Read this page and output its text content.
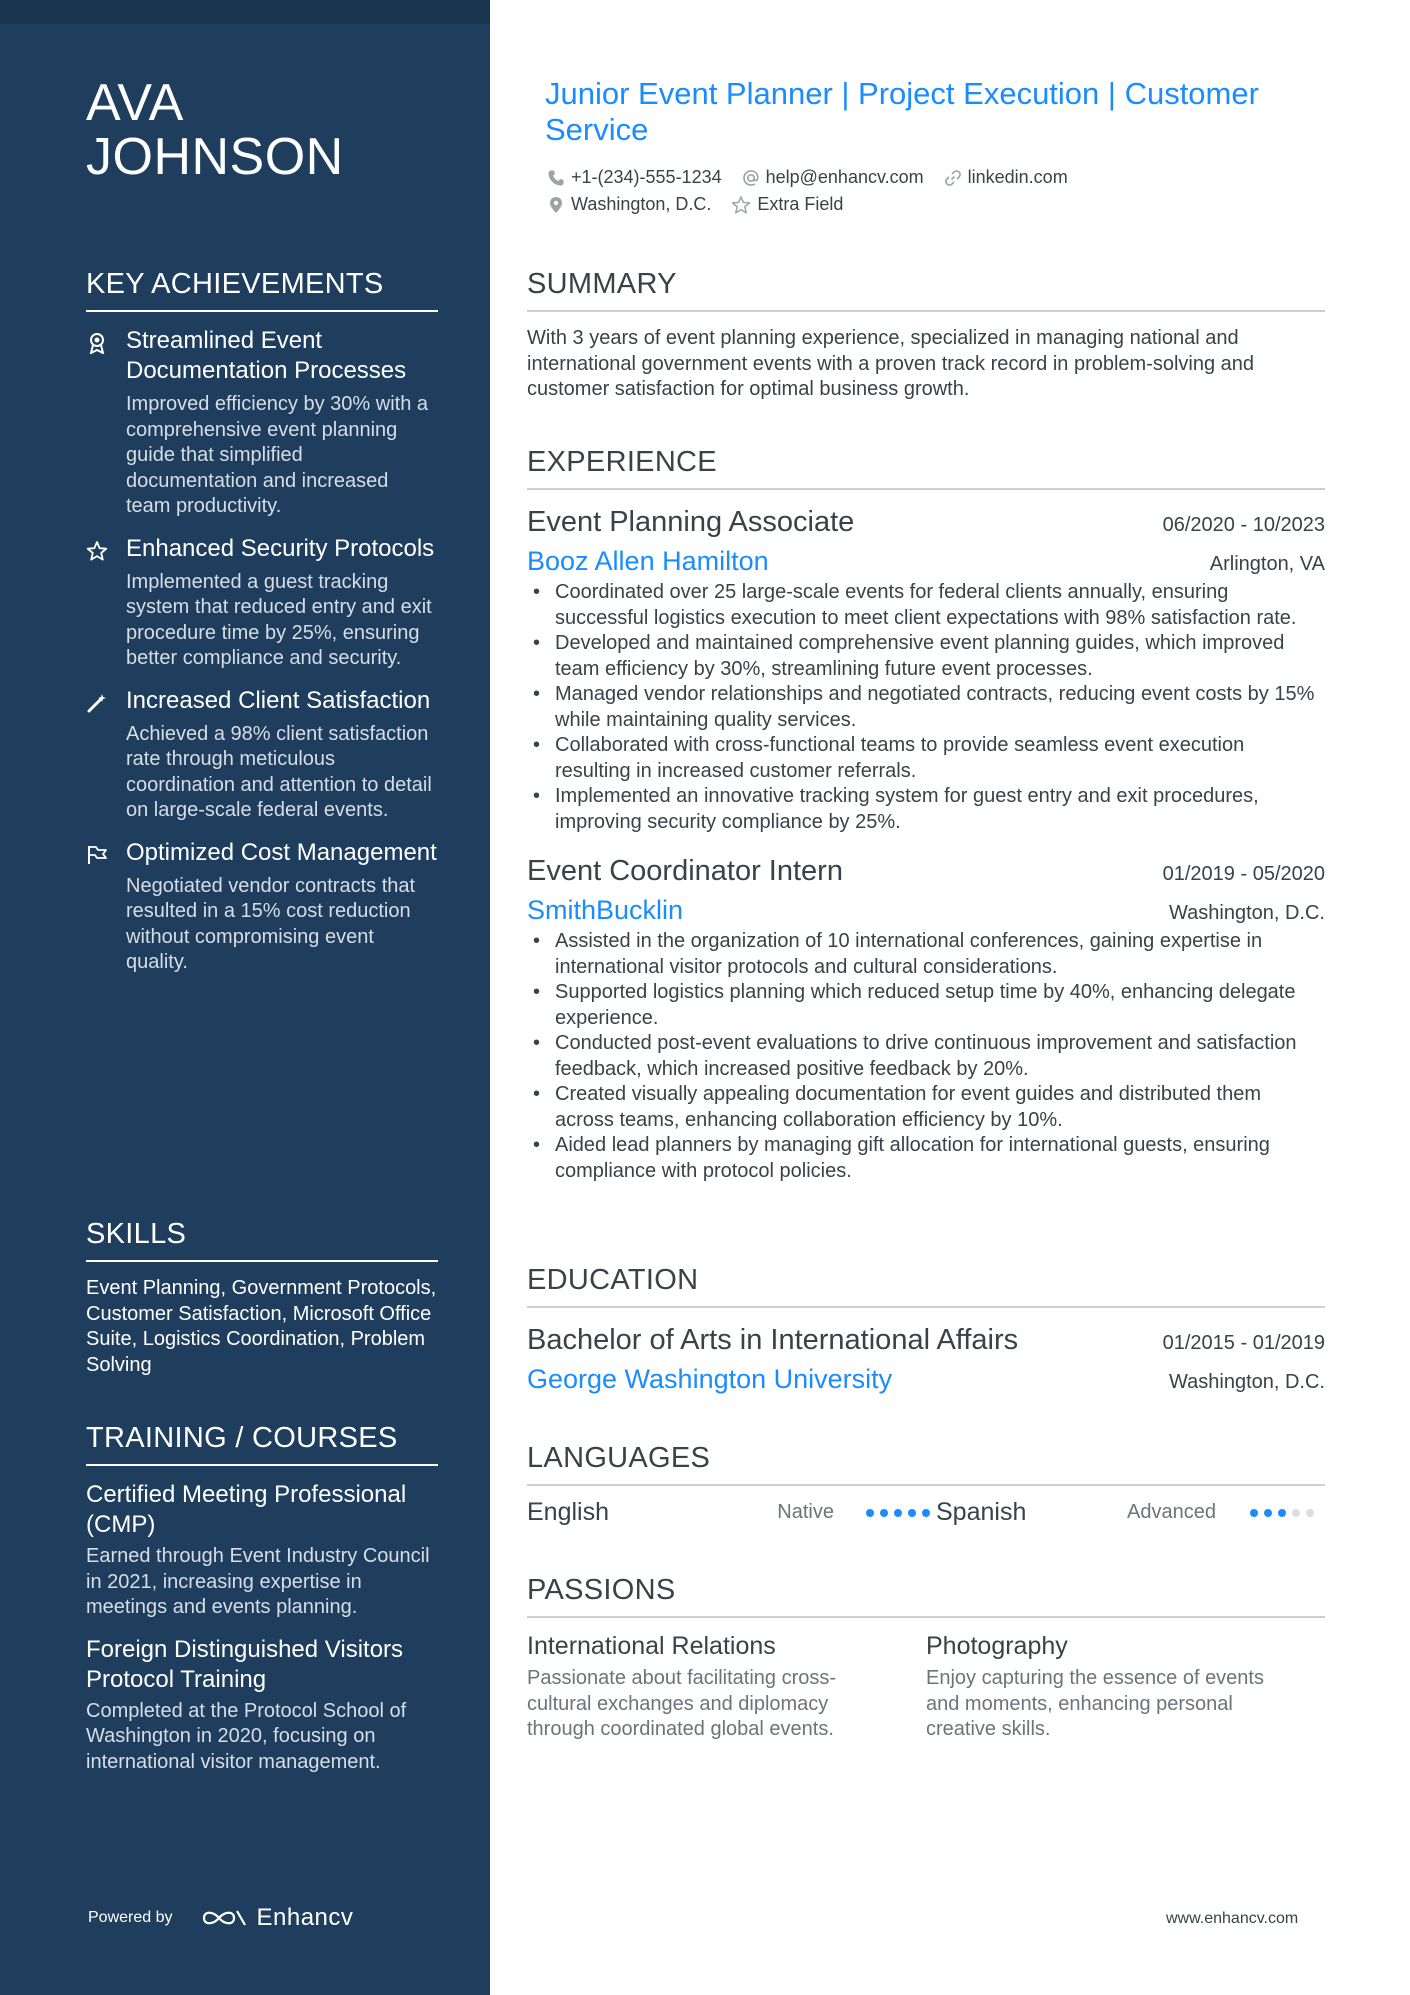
AVA JOHNSON
KEY ACHIEVEMENTS
Streamlined Event Documentation Processes
Improved efficiency by 30% with a comprehensive event planning guide that simplified documentation and increased team productivity.
Enhanced Security Protocols
Implemented a guest tracking system that reduced entry and exit procedure time by 25%, ensuring better compliance and security.
Increased Client Satisfaction
Achieved a 98% client satisfaction rate through meticulous coordination and attention to detail on large-scale federal events.
Optimized Cost Management
Negotiated vendor contracts that resulted in a 15% cost reduction without compromising event quality.
SKILLS
Event Planning, Government Protocols, Customer Satisfaction, Microsoft Office Suite, Logistics Coordination, Problem Solving
TRAINING / COURSES
Certified Meeting Professional (CMP)
Earned through Event Industry Council in 2021, increasing expertise in meetings and events planning.
Foreign Distinguished Visitors Protocol Training
Completed at the Protocol School of Washington in 2020, focusing on international visitor management.
Powered by	Enhancv
Junior Event Planner | Project Execution | Customer Service
+1-(234)-555-1234 help@enhancv.com linkedin.com
Washington, D.C.	Extra Field
SUMMARY
With 3 years of event planning experience, specialized in managing national and international government events with a proven track record in problem-solving and customer satisfaction for optimal business growth.
EXPERIENCE
Event Planning Associate	06/2020 - 10/2023
Booz Allen Hamilton	Arlington, VA
• Coordinated over 25 large-scale events for federal clients annually, ensuring successful logistics execution to meet client expectations with 98% satisfaction rate.
• Developed and maintained comprehensive event planning guides, which improved team efficiency by 30%, streamlining future event processes.
• Managed vendor relationships and negotiated contracts, reducing event costs by 15% while maintaining quality services.
• Collaborated with cross-functional teams to provide seamless event execution resulting in increased customer referrals.
• Implemented an innovative tracking system for guest entry and exit procedures, improving security compliance by 25%.
Event Coordinator Intern	01/2019 - 05/2020
SmithBucklin	Washington, D.C.
• Assisted in the organization of 10 international conferences, gaining expertise in international visitor protocols and cultural considerations.
• Supported logistics planning which reduced setup time by 40%, enhancing delegate experience.
• Conducted post-event evaluations to drive continuous improvement and satisfaction feedback, which increased positive feedback by 20%.
• Created visually appealing documentation for event guides and distributed them across teams, enhancing collaboration efficiency by 10%.
• Aided lead planners by managing gift allocation for international guests, ensuring compliance with protocol policies.
EDUCATION
Bachelor of Arts in International Affairs	01/2015 - 01/2019
George Washington University	Washington, D.C.
LANGUAGES
English	Native	Spanish	Advanced
PASSIONS
International Relations
Passionate about facilitating cross-cultural exchanges and diplomacy through coordinated global events.
Photography
Enjoy capturing the essence of events and moments, enhancing personal creative skills.
www.enhancv.com
